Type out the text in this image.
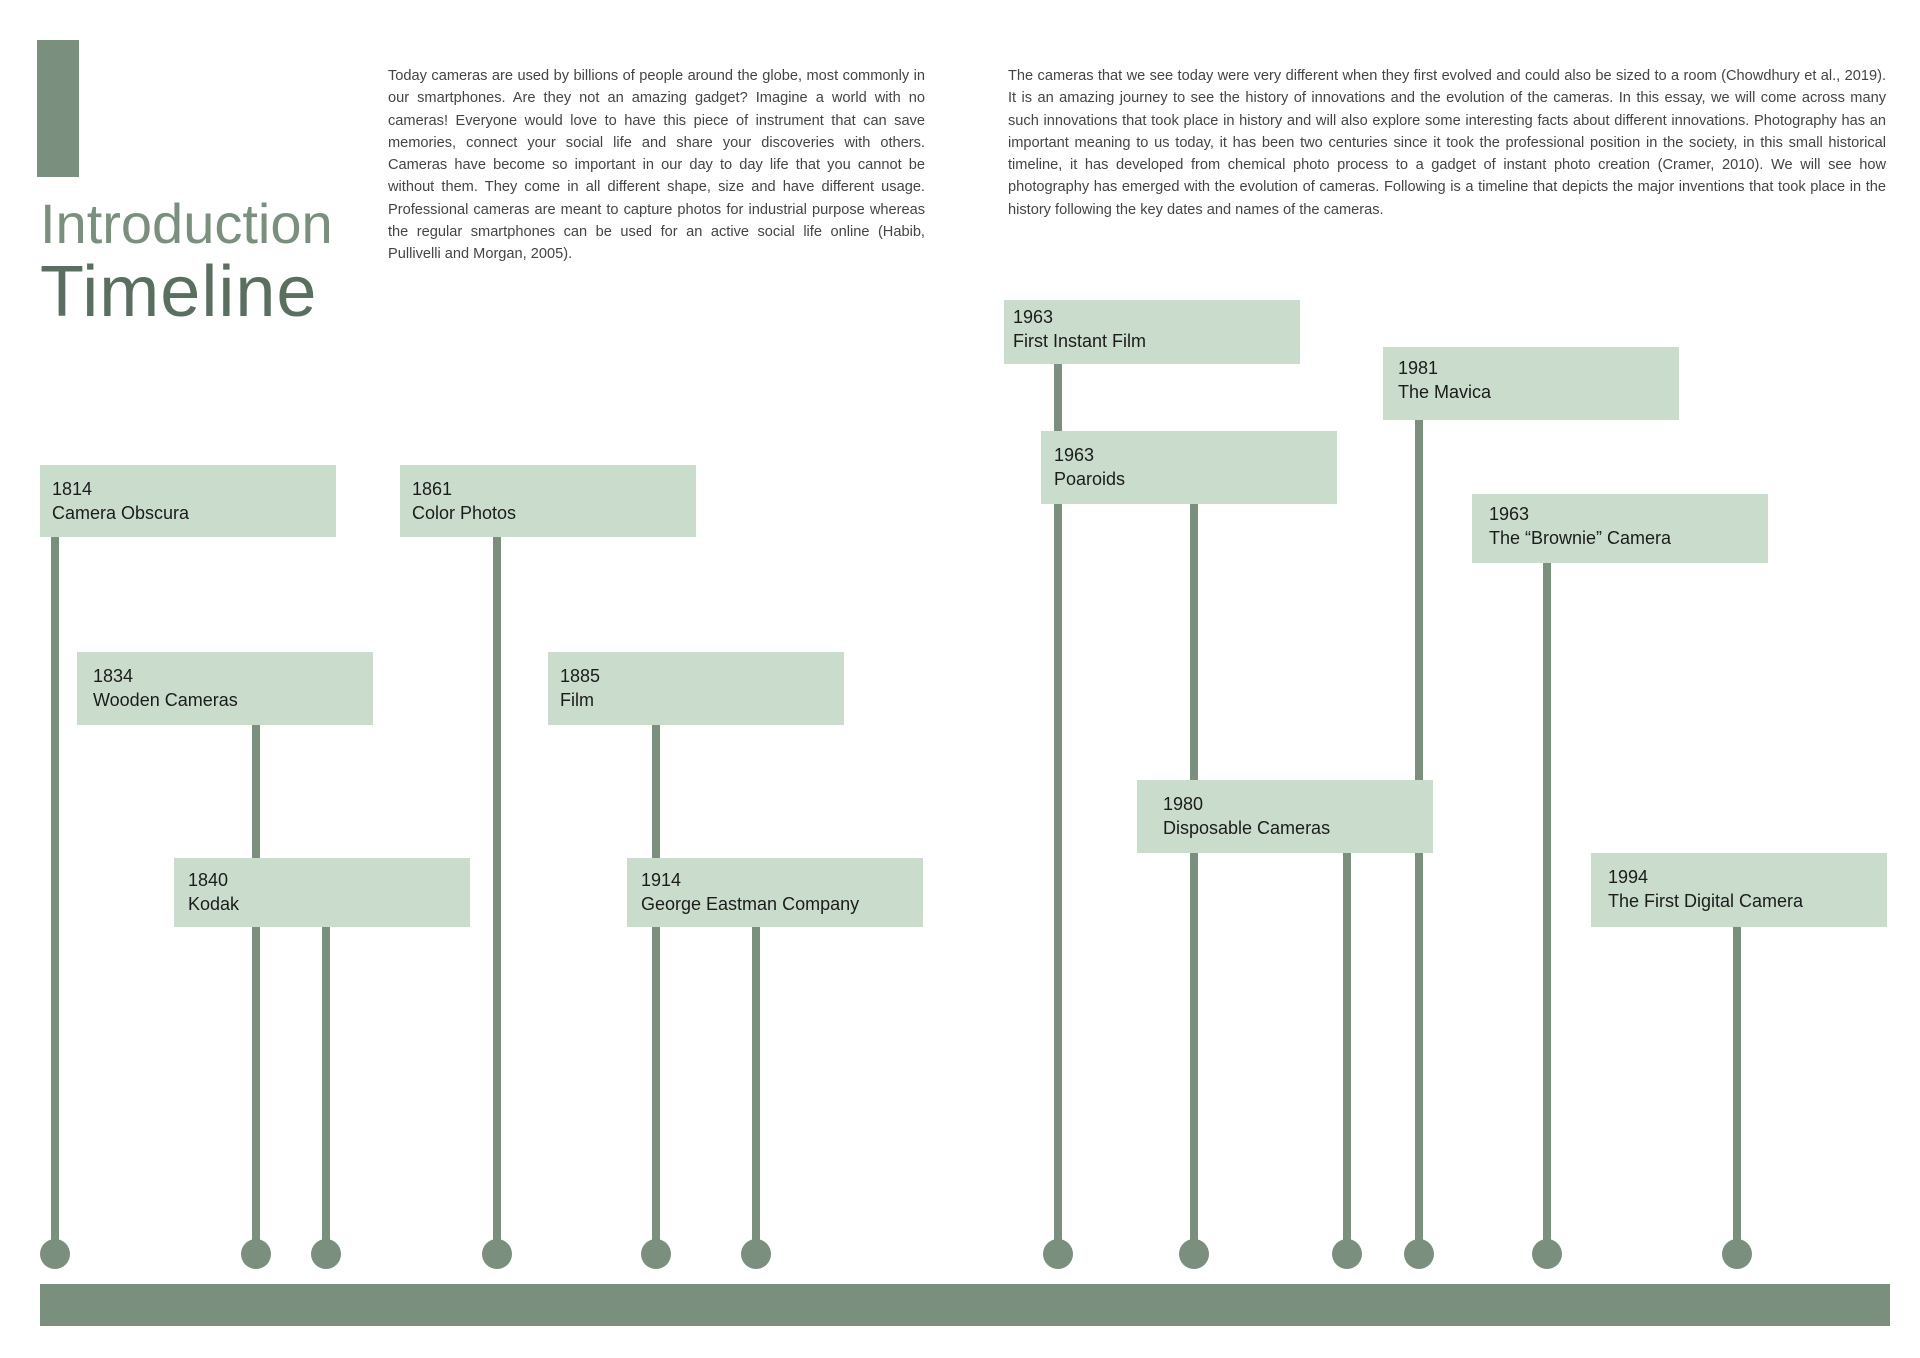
Introduction
Timeline
Today cameras are used by billions of people around the globe, most commonly in our smartphones. Are they not an amazing gadget? Imagine a world with no cameras! Everyone would love to have this piece of instrument that can save memories, connect your social life and share your discoveries with others. Cameras have become so important in our day to day life that you cannot be without them. They come in all different shape, size and have different usage. Professional cameras are meant to capture photos for industrial purpose whereas the regular smartphones can be used for an active social life online (Habib, Pullivelli and Morgan, 2005).
The cameras that we see today were very different when they first evolved and could also be sized to a room (Chowdhury et al., 2019). It is an amazing journey to see the history of innovations and the evolution of the cameras. In this essay, we will come across many such innovations that took place in history and will also explore some interesting facts about different innovations. Photography has an important meaning to us today, it has been two centuries since it took the professional position in the society, in this small historical timeline, it has developed from chemical photo process to a gadget of instant photo creation (Cramer, 2010). We will see how photography has emerged with the evolution of cameras. Following is a timeline that depicts the major inventions that took place in the history following the key dates and names of the cameras.
1814
Camera Obscura
1834
Wooden Cameras
1840
Kodak
1861
Color Photos
1885
Film
1914
George Eastman Company
1963
First Instant Film
1963
Poaroids
1980
Disposable Cameras
1981
The Mavica
1963
The “Brownie” Camera
1994
The First Digital Camera
